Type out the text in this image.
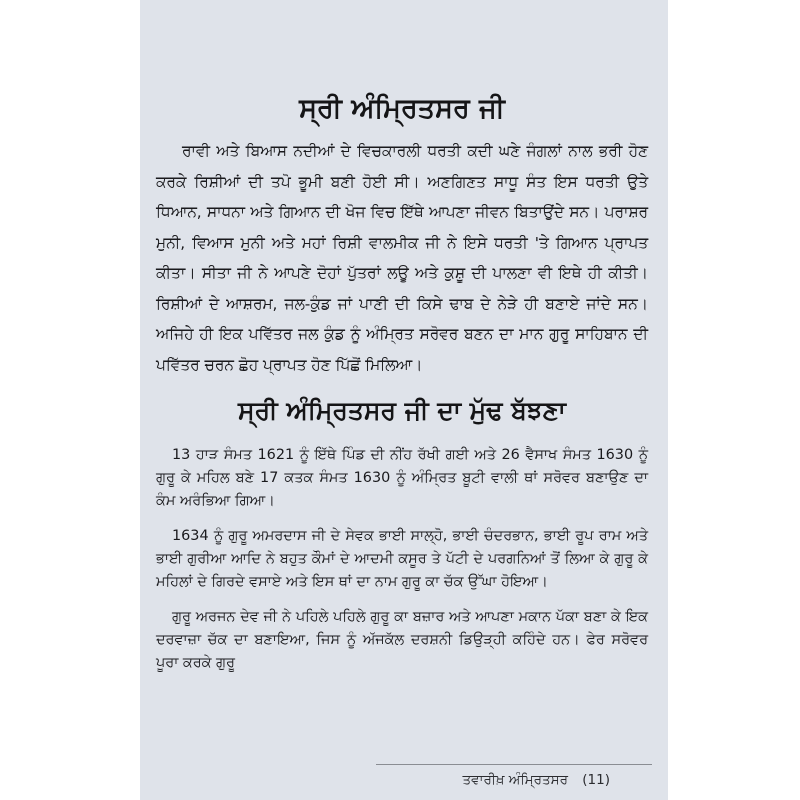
ਸ੍ਰੀ ਅੰਮ੍ਰਿਤਸਰ ਜੀ

ਰਾਵੀ ਅਤੇ ਬਿਆਸ ਨਦੀਆਂ ਦੇ ਵਿਚਕਾਰਲੀ ਧਰਤੀ ਕਦੀ ਘਣੇ ਜੰਗਲਾਂ ਨਾਲ ਭਰੀ ਹੋਣ ਕਰਕੇ ਰਿਸ਼ੀਆਂ ਦੀ ਤਪੋ ਭੂਮੀ ਬਣੀ ਹੋਈ ਸੀ। ਅਣਗਿਣਤ ਸਾਧੂ ਸੰਤ ਇਸ ਧਰਤੀ ਉਤੇ ਧਿਆਨ, ਸਾਧਨਾ ਅਤੇ ਗਿਆਨ ਦੀ ਖੋਜ ਵਿਚ ਇੱਥੇ ਆਪਣਾ ਜੀਵਨ ਬਿਤਾਉਂਦੇ ਸਨ। ਪਰਾਸ਼ਰ ਮੁਨੀ, ਵਿਆਸ ਮੁਨੀ ਅਤੇ ਮਹਾਂ ਰਿਸ਼ੀ ਵਾਲਮੀਕ ਜੀ ਨੇ ਇਸੇ ਧਰਤੀ 'ਤੇ ਗਿਆਨ ਪ੍ਰਾਪਤ ਕੀਤਾ। ਸੀਤਾ ਜੀ ਨੇ ਆਪਣੇ ਦੋਹਾਂ ਪੁੱਤਰਾਂ ਲਊ ਅਤੇ ਕੁਸ਼ੂ ਦੀ ਪਾਲਣਾ ਵੀ ਇਥੇ ਹੀ ਕੀਤੀ। ਰਿਸ਼ੀਆਂ ਦੇ ਆਸ਼ਰਮ, ਜਲ-ਕੁੰਡ ਜਾਂ ਪਾਣੀ ਦੀ ਕਿਸੇ ਢਾਬ ਦੇ ਨੇੜੇ ਹੀ ਬਣਾਏ ਜਾਂਦੇ ਸਨ। ਅਜਿਹੇ ਹੀ ਇਕ ਪਵਿੱਤਰ ਜਲ ਕੁੰਡ ਨੂੰ ਅੰਮ੍ਰਿਤ ਸਰੋਵਰ ਬਣਨ ਦਾ ਮਾਨ ਗੁਰੂ ਸਾਹਿਬਾਨ ਦੀ ਪਵਿੱਤਰ ਚਰਨ ਛੋਹ ਪ੍ਰਾਪਤ ਹੋਣ ਪਿੱਛੋਂ ਮਿਲਿਆ।

ਸ੍ਰੀ ਅੰਮ੍ਰਿਤਸਰ ਜੀ ਦਾ ਮੁੱਢ ਬੱਝਣਾ

13 ਹਾੜ ਸੰਮਤ 1621 ਨੂੰ ਇੱਥੇ ਪਿੰਡ ਦੀ ਨੀਂਹ ਰੱਖੀ ਗਈ ਅਤੇ 26 ਵੈਸਾਖ ਸੰਮਤ 1630 ਨੂੰ ਗੁਰੂ ਕੇ ਮਹਿਲ ਬਣੇ 17 ਕਤਕ ਸੰਮਤ 1630 ਨੂੰ ਅੰਮ੍ਰਿਤ ਬੂਟੀ ਵਾਲੀ ਥਾਂ ਸਰੋਵਰ ਬਣਾਉਣ ਦਾ ਕੰਮ ਅਰੰਭਿਆ ਗਿਆ।

1634 ਨੂੰ ਗੁਰੂ ਅਮਰਦਾਸ ਜੀ ਦੇ ਸੇਵਕ ਭਾਈ ਸਾਲ੍ਹੋ, ਭਾਈ ਚੰਦਰਭਾਨ, ਭਾਈ ਰੂਪ ਰਾਮ ਅਤੇ ਭਾਈ ਗੁਰੀਆ ਆਦਿ ਨੇ ਬਹੁਤ ਕੌਮਾਂ ਦੇ ਆਦਮੀ ਕਸੂਰ ਤੇ ਪੱਟੀ ਦੇ ਪਰਗਨਿਆਂ ਤੋਂ ਲਿਆ ਕੇ ਗੁਰੂ ਕੇ ਮਹਿਲਾਂ ਦੇ ਗਿਰਦੇ ਵਸਾਏ ਅਤੇ ਇਸ ਥਾਂ ਦਾ ਨਾਮ ਗੁਰੂ ਕਾ ਚੱਕ ਉੱਘਾ ਹੋਇਆ।

ਗੁਰੂ ਅਰਜਨ ਦੇਵ ਜੀ ਨੇ ਪਹਿਲੇ ਪਹਿਲੇ ਗੁਰੂ ਕਾ ਬਜ਼ਾਰ ਅਤੇ ਆਪਣਾ ਮਕਾਨ ਪੱਕਾ ਬਣਾ ਕੇ ਇਕ ਦਰਵਾਜ਼ਾ ਚੱਕ ਦਾ ਬਣਾਇਆ, ਜਿਸ ਨੂੰ ਅੱਜਕੱਲ ਦਰਸ਼ਨੀ ਡਿਉੜ੍ਹੀ ਕਹਿੰਦੇ ਹਨ। ਫੇਰ ਸਰੋਵਰ ਪੂਰਾ ਕਰਕੇ ਗੁਰੂ

ਤਵਾਰੀਖ਼ ਅੰਮ੍ਰਿਤਸਰ (11)
